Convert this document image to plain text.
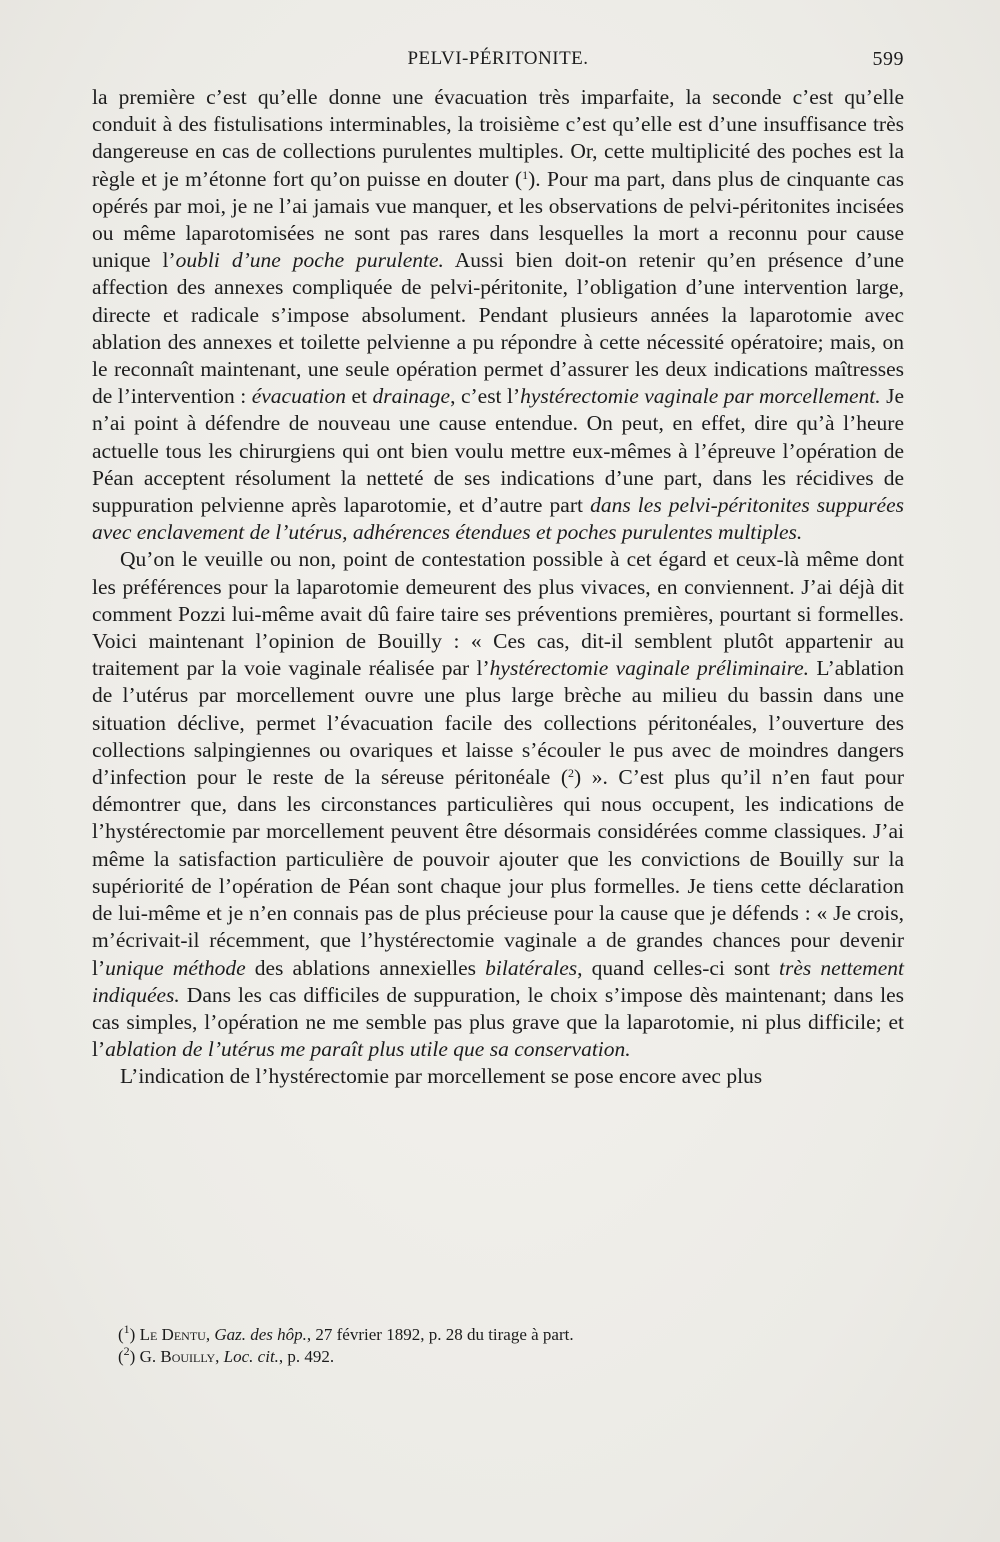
PELVI-PÉRITONITE.	599

la première c’est qu’elle donne une évacuation très imparfaite, la seconde c’est qu’elle conduit à des fistulisations interminables, la troisième c’est qu’elle est d’une insuffisance très dangereuse en cas de collections purulentes multiples. Or, cette multiplicité des poches est la règle et je m’étonne fort qu’on puisse en douter ($^1$). Pour ma part, dans plus de cinquante cas opérés par moi, je ne l’ai jamais vue manquer, et les observations de pelvi-péritonites incisées ou même laparotomisées ne sont pas rares dans lesquelles la mort a reconnu pour cause unique l’oubli d’une poche purulente. Aussi bien doit-on retenir qu’en présence d’une affection des annexes compliquée de pelvi-péritonite, l’obligation d’une intervention large, directe et radicale s’impose absolument. Pendant plusieurs années la laparotomie avec ablation des annexes et toilette pelvienne a pu répondre à cette nécessité opératoire; mais, on le reconnaît maintenant, une seule opération permet d’assurer les deux indications maîtresses de l’intervention : évacuation et drainage, c’est l’hystérectomie vaginale par morcellement. Je n’ai point à défendre de nouveau une cause entendue. On peut, en effet, dire qu’à l’heure actuelle tous les chirurgiens qui ont bien voulu mettre eux-mêmes à l’épreuve l’opération de Péan acceptent résolument la netteté de ses indications d’une part, dans les récidives de suppuration pelvienne après laparotomie, et d’autre part dans les pelvi-péritonites suppurées avec enclavement de l’utérus, adhérences étendues et poches purulentes multiples.

Qu’on le veuille ou non, point de contestation possible à cet égard et ceux-là même dont les préférences pour la laparotomie demeurent des plus vivaces, en conviennent. J’ai déjà dit comment Pozzi lui-même avait dû faire taire ses préventions premières, pourtant si formelles. Voici maintenant l’opinion de Bouilly : « Ces cas, dit-il semblent plutôt appartenir au traitement par la voie vaginale réalisée par l’hystérectomie vaginale préliminaire. L’ablation de l’utérus par morcellement ouvre une plus large brèche au milieu du bassin dans une situation déclive, permet l’évacuation facile des collections péritonéales, l’ouverture des collections salpingiennes ou ovariques et laisse s’écouler le pus avec de moindres dangers d’infection pour le reste de la séreuse péritonéale ($^2$) ». C’est plus qu’il n’en faut pour démontrer que, dans les circonstances particulières qui nous occupent, les indications de l’hystérectomie par morcellement peuvent être désormais considérées comme classiques. J’ai même la satisfaction particulière de pouvoir ajouter que les convictions de Bouilly sur la supériorité de l’opération de Péan sont chaque jour plus formelles. Je tiens cette déclaration de lui-même et je n’en connais pas de plus précieuse pour la cause que je défends : « Je crois, m’écrivait-il récemment, que l’hystérectomie vaginale a de grandes chances pour devenir l’unique méthode des ablations annexielles bilatérales, quand celles-ci sont très nettement indiquées. Dans les cas difficiles de suppuration, le choix s’impose dès maintenant; dans les cas simples, l’opération ne me semble pas plus grave que la laparotomie, ni plus difficile; et l’ablation de l’utérus me paraît plus utile que sa conservation.

L’indication de l’hystérectomie par morcellement se pose encore avec plus

($^1$) Le Dentu, Gaz. des hôp., 27 février 1892, p. 28 du tirage à part.

($^2$) G. Bouilly, Loc. cit., p. 492.
